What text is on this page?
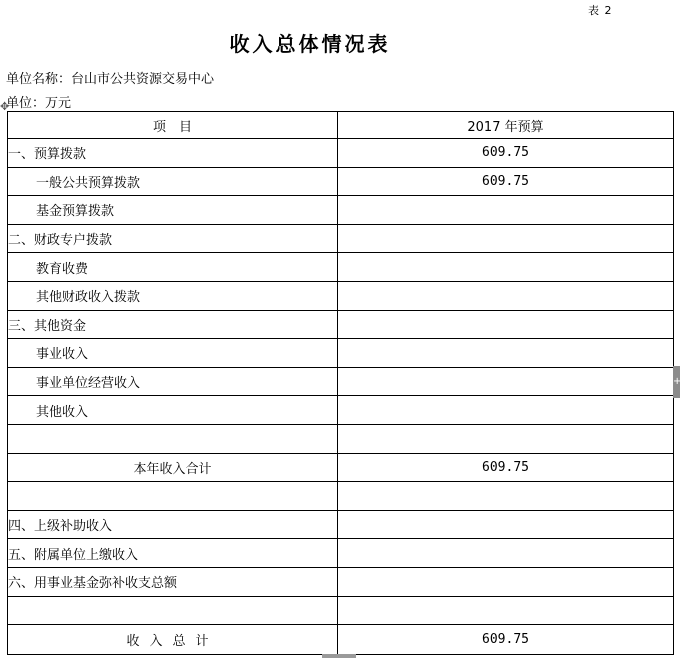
表 2
收入总体情况表
单位名称：台山市公共资源交易中心
单位：万元
✥
项　目	2017 年预算
一、预算拨款	609.75
一般公共预算拨款	609.75
基金预算拨款	
二、财政专户拨款	
教育收费	
其他财政收入拨款	
三、其他资金	
事业收入	
事业单位经营收入	
其他收入	

本年收入合计	609.75

四、上级补助收入	
五、附属单位上缴收入	
六、用事业基金弥补收支总额	

收入总计	609.75
+
